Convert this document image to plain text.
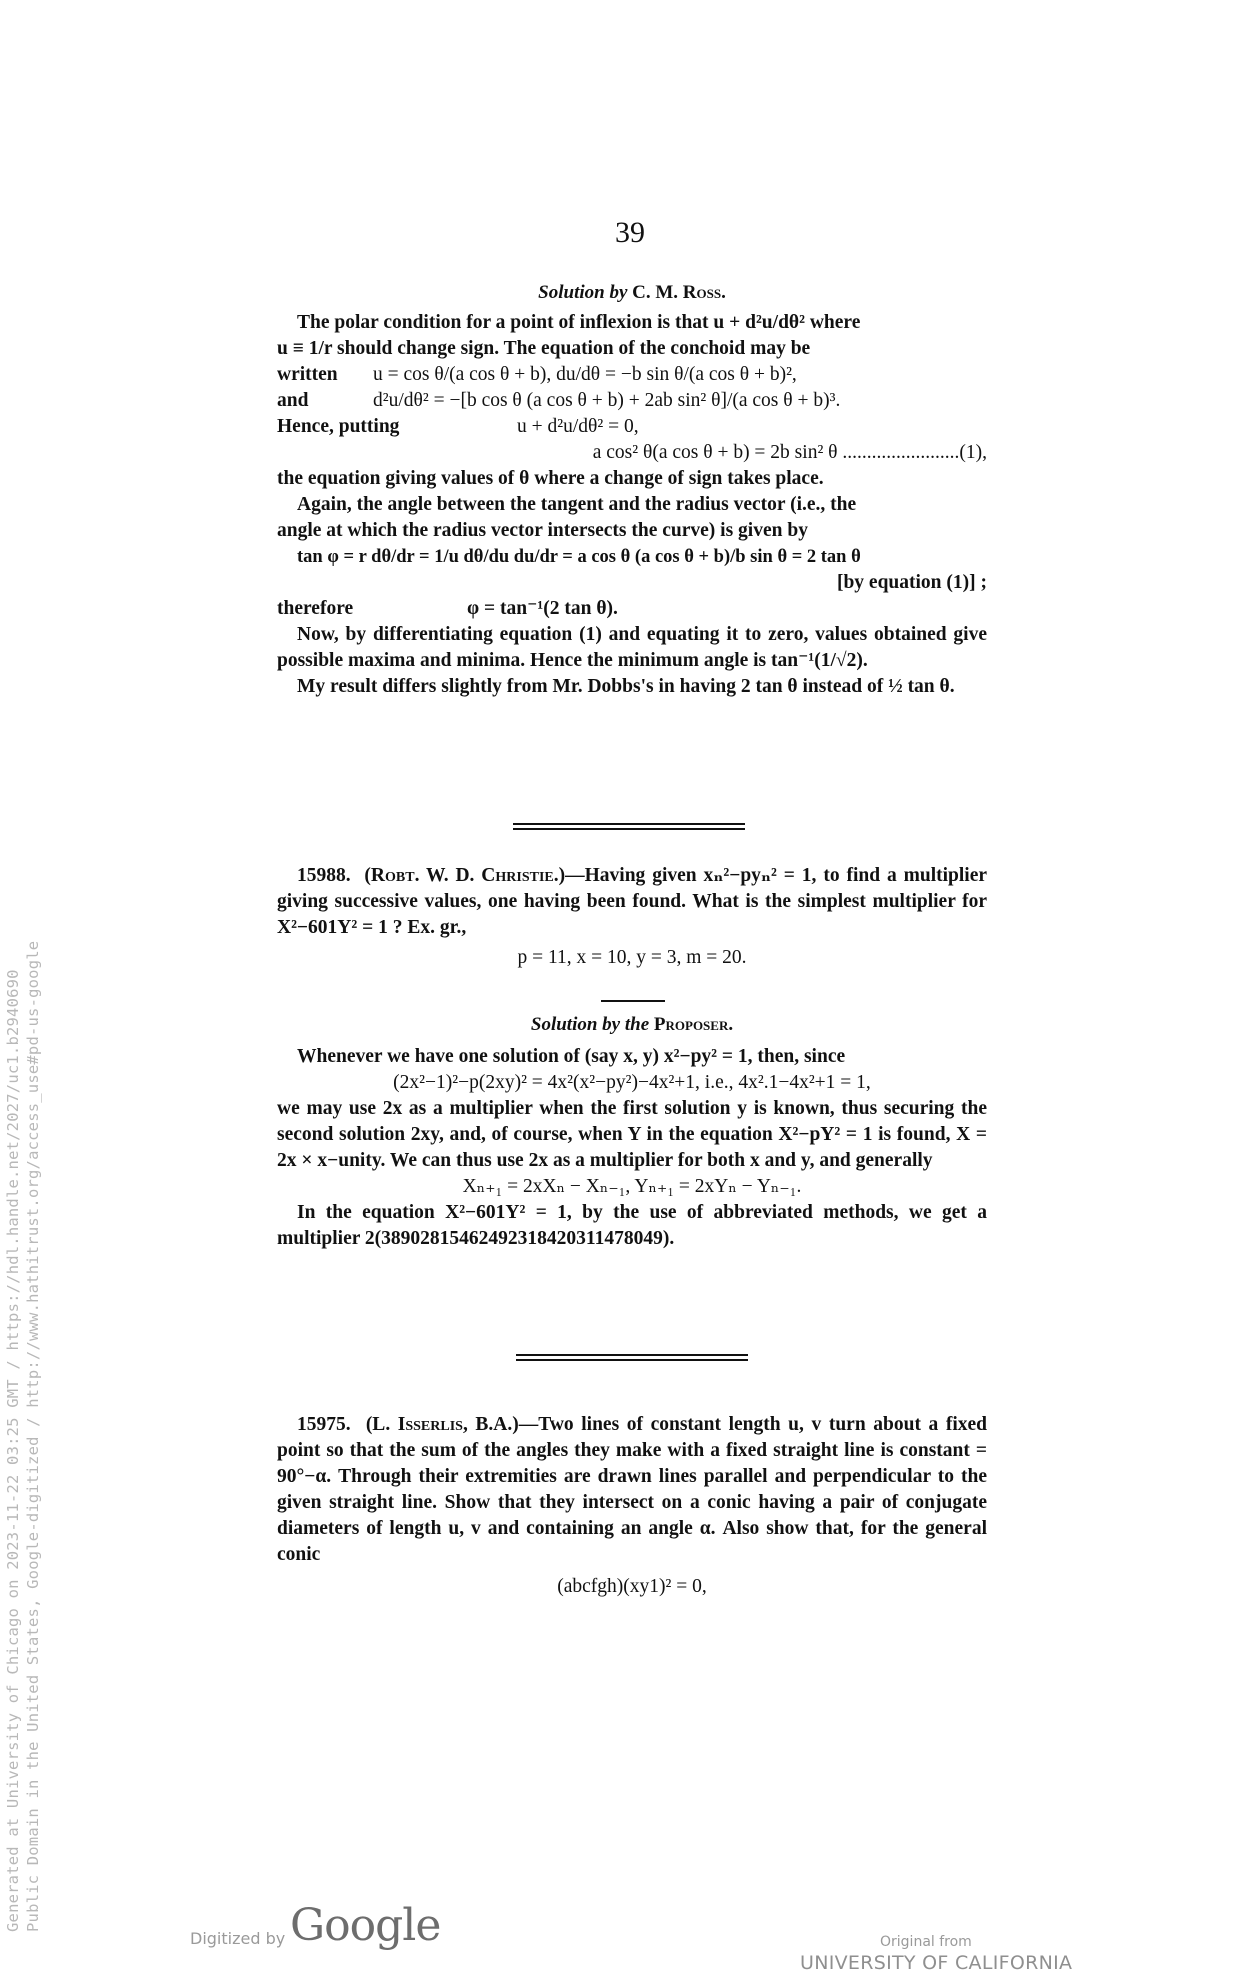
39
Solution by C. M. Ross.

The polar condition for a point of inflexion is that u + d²u/dθ² where

u ≡ 1/r should change sign. The equation of the conchoid may be

written u = cos θ/(a cos θ + b), du/dθ = −b sin θ/(a cos θ + b)²,

and	d²u/dθ² = −[b cos θ (a cos θ + b) + 2ab sin² θ]/(a cos θ + b)³.

Hence, putting	u + d²u/dθ² = 0,

a cos² θ(a cos θ + b) = 2b sin² θ ........................(1),

the equation giving values of θ where a change of sign takes place.

Again, the angle between the tangent and the radius vector (i.e., the

angle at which the radius vector intersects the curve) is given by

tan φ = r dθ/dr = 1/u dθ/du du/dr = a cos θ (a cos θ + b)/b sin θ = 2 tan θ

[by equation (1)] ;

therefore	φ = tan⁻¹(2 tan θ).

Now, by differentiating equation (1) and equating it to zero, values obtained give possible maxima and minima. Hence the minimum angle is tan⁻¹(1/√2).

My result differs slightly from Mr. Dobbs's in having 2 tan θ instead of ½ tan θ.

15988. (Robt. W. D. Christie.)—Having given xₙ²−pyₙ² = 1, to find a multiplier giving successive values, one having been found. What is the simplest multiplier for X²−601Y² = 1 ? Ex. gr.,

p = 11, x = 10, y = 3, m = 20.

Solution by the Proposer.

Whenever we have one solution of (say x, y) x²−py² = 1, then, since

(2x²−1)²−p(2xy)² = 4x²(x²−py²)−4x²+1, i.e., 4x².1−4x²+1 = 1,

we may use 2x as a multiplier when the first solution y is known, thus securing the second solution 2xy, and, of course, when Y in the equation X²−pY² = 1 is found, X = 2x × x−unity. We can thus use 2x as a multiplier for both x and y, and generally

Xₙ₊₁ = 2xXₙ − Xₙ₋₁, Yₙ₊₁ = 2xYₙ − Yₙ₋₁.

In the equation X²−601Y² = 1, by the use of abbreviated methods, we get a multiplier 2(38902815462492318420311478049).

15975. (L. Isserlis, B.A.)—Two lines of constant length u, v turn about a fixed point so that the sum of the angles they make with a fixed straight line is constant = 90°−α. Through their extremities are drawn lines parallel and perpendicular to the given straight line. Show that they intersect on a conic having a pair of conjugate diameters of length u, v and containing an angle α. Also show that, for the general conic

(abcfgh)(xy1)² = 0,

Generated at University of Chicago on 2023-11-22 03:25 GMT / https://hdl.handle.net/2027/uc1.b2940690 Public Domain in the United States, Google-digitized / http://www.hathitrust.org/access_use#pd-us-google
Digitized by Google	Original from
UNIVERSITY OF CALIFORNIA
